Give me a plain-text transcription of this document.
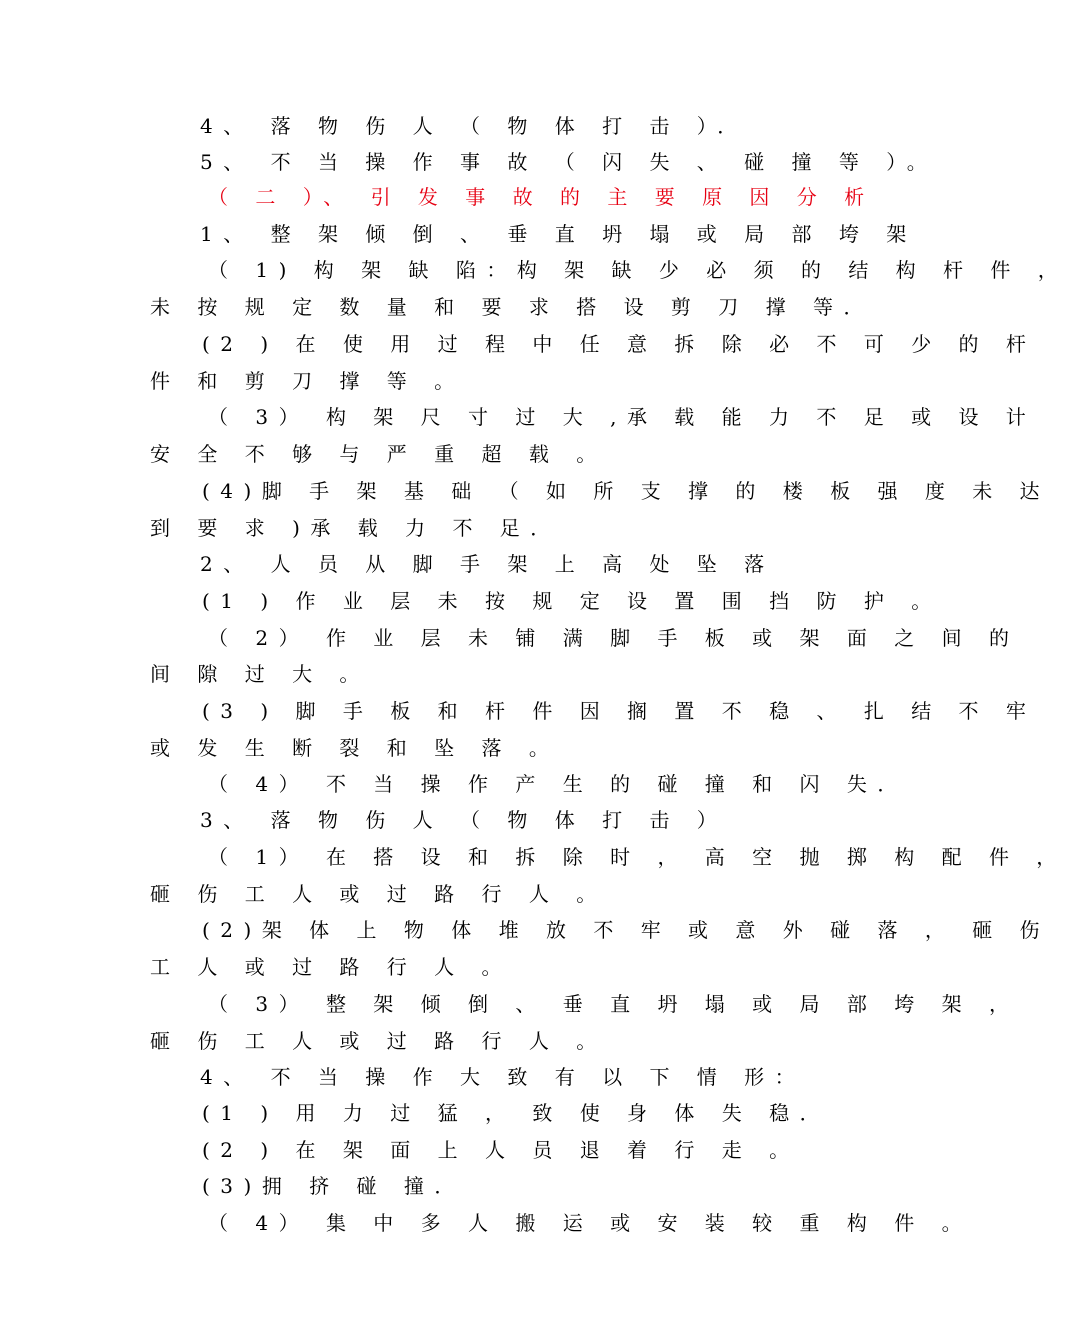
4、 落 物 伤 人 （ 物 体 打 击 ）．
5、 不 当 操 作 事 故 （ 闪 失 、 碰 撞 等 ）。
（ 二 ）、 引 发 事 故 的 主 要 原 因 分 析
1、 整 架 倾 倒 、 垂 直 坍 塌 或 局 部 垮 架
（ 1) 构 架 缺 陷：构 架 缺 少 必 须 的 结 构 杆 件 ，
未 按 规 定 数 量 和 要 求 搭 设 剪 刀 撑 等．
(2 ) 在 使 用 过 程 中 任 意 拆 除 必 不 可 少 的 杆
件 和 剪 刀 撑 等 。
（ 3） 构 架 尺 寸 过 大 ,承 载 能 力 不 足 或 设 计
安 全 不 够 与 严 重 超 载 。
(4)脚 手 架 基 础 （ 如 所 支 撑 的 楼 板 强 度 未 达
到 要 求 )承 载 力 不 足．
2、 人 员 从 脚 手 架 上 高 处 坠 落
(1 ) 作 业 层 未 按 规 定 设 置 围 挡 防 护 。
（ 2） 作 业 层 未 铺 满 脚 手 板 或 架 面 之 间 的
间 隙 过 大 。
(3 ) 脚 手 板 和 杆 件 因 搁 置 不 稳 、 扎 结 不 牢
或 发 生 断 裂 和 坠 落 。
（ 4） 不 当 操 作 产 生 的 碰 撞 和 闪 失．
3、 落 物 伤 人 （ 物 体 打 击 ）
（ 1） 在 搭 设 和 拆 除 时 ， 高 空 抛 掷 构 配 件 ，
砸 伤 工 人 或 过 路 行 人 。
(2)架 体 上 物 体 堆 放 不 牢 或 意 外 碰 落 ， 砸 伤
工 人 或 过 路 行 人 。
（ 3） 整 架 倾 倒 、 垂 直 坍 塌 或 局 部 垮 架 ，
砸 伤 工 人 或 过 路 行 人 。
4、 不 当 操 作 大 致 有 以 下 情 形：
(1 ) 用 力 过 猛 ， 致 使 身 体 失 稳．
(2 ) 在 架 面 上 人 员 退 着 行 走 。
(3)拥 挤 碰 撞．
（ 4） 集 中 多 人 搬 运 或 安 装 较 重 构 件 。
